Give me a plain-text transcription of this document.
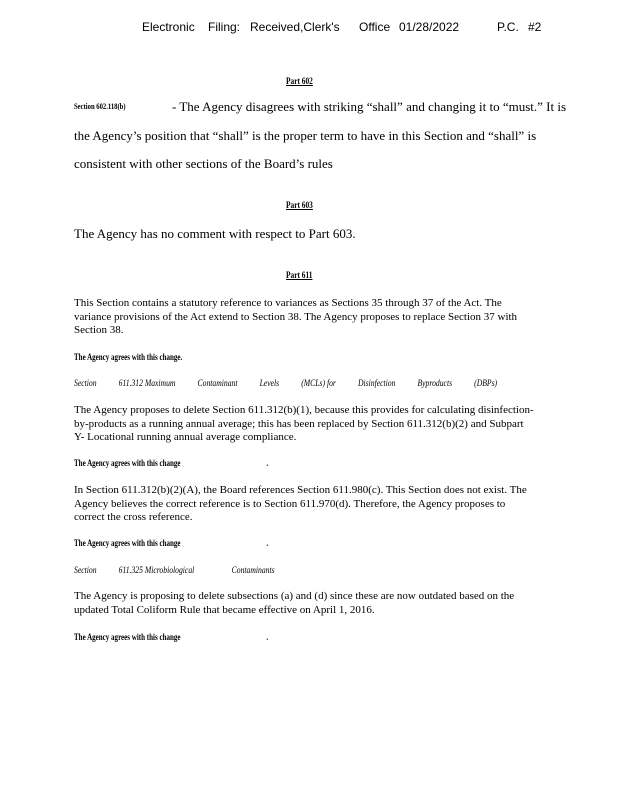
Electronic Filing: Received,Clerk's Office 01/28/2022	P.C. #2
Part 602
Section 602.118(b)	- The Agency disagrees with striking “shall” and changing it to “must.” It is
the Agency’s position that “shall” is the proper term to have in this Section and “shall” is
consistent with other sections of the Board’s rules
Part 603
The Agency has no comment with respect to Part 603.
Part 611
This Section contains a statutory reference to variances as Sections 35 through 37 of the Act. The variance provisions of the Act extend to Section 38. The Agency proposes to replace Section 37 with Section 38.
The Agency agrees with this change.
Section 611.312 Maximum Contaminant Levels (MCLs) for Disinfection Byproducts (DBPs)
The Agency proposes to delete Section 611.312(b)(1), because this provides for calculating disinfection-by-products as a running annual average; this has been replaced by Section 611.312(b)(2) and Subpart Y- Locational running annual average compliance.
The Agency agrees with this change	.
In Section 611.312(b)(2)(A), the Board references Section 611.980(c). This Section does not exist. The Agency believes the correct reference is to Section 611.970(d). Therefore, the Agency proposes to correct the cross reference.
The Agency agrees with this change	.
Section 611.325 Microbiological	Contaminants
The Agency is proposing to delete subsections (a) and (d) since these are now outdated based on the updated Total Coliform Rule that became effective on April 1, 2016.
The Agency agrees with this change	.
